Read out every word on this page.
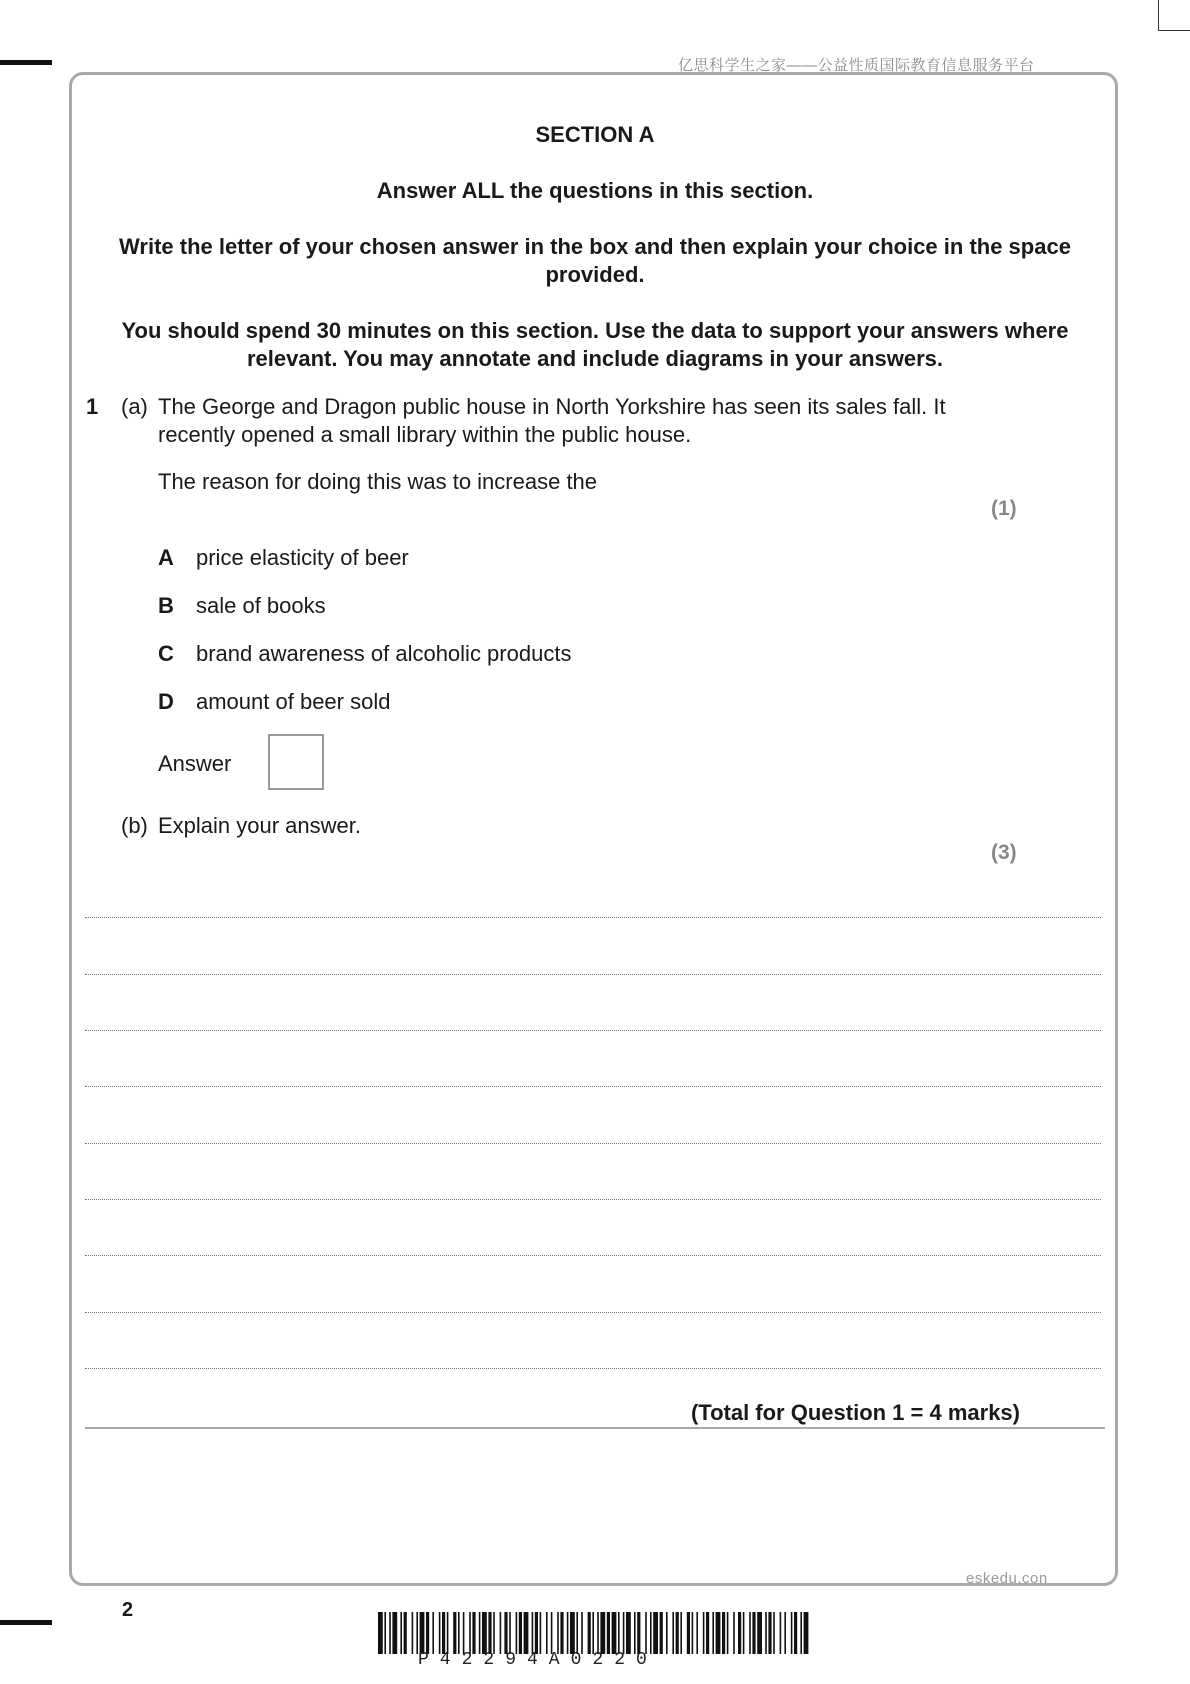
亿思科学生之家——公益性质国际教育信息服务平台
SECTION A
Answer ALL the questions in this section.
Write the letter of your chosen answer in the box and then explain your choice in the space
provided.
You should spend 30 minutes on this section. Use the data to support your answers where
relevant. You may annotate and include diagrams in your answers.
1 (a) The George and Dragon public house in North Yorkshire has seen its sales fall. It
recently opened a small library within the public house.
The reason for doing this was to increase the
(1)
A price elasticity of beer
B sale of books
C brand awareness of alcoholic products
D amount of beer sold
Answer
(b) Explain your answer.
(3)
(Total for Question 1 = 4 marks)
eskedu.con
2
P42294A0220
